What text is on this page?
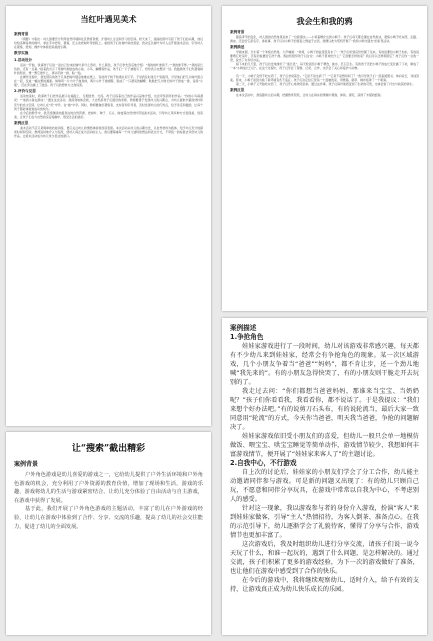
当红叶遇见美术
案例背景

《纲要》中指出：幼儿园要充分利用自然环境和社区教育资源，扩展幼儿生活和学习的空间。秋天来了，美丽的落叶引起了孩子们的兴趣，他们捡拾各种各样的树叶，拿在手中把玩、观察，还主动把树叶带到班上。看到孩子们对树叶如此喜爱，我决定以树叶为切入点开展美术活动，引导幼儿在观察、感知、操作中体验创造美的乐趣。

教学实施
1.活动设计

活动一开始，我请孩子们说一说自己捡来的树叶是什么形状、什么颜色，孩子们争先恐后地介绍：“我的树叶像扇子。”“我的像手掌。”“我的是红色的，还有一点黄。”接着我出示了用树叶拼贴成的小鱼、小鸟、蝴蝶等作品，孩子们一下子被吸引了，纷纷表示也想试一试。我鼓励孩子们先观察树叶的形状，想一想它像什么，再动手拼一拼、贴一贴。

在操作过程中，我发现有的孩子只是把树叶随意地堆在纸上，有的孩子则不知道从何下手。于是我及时进行个别指导，引导他们把几片树叶组合在一起，变成一幅完整的画面。琪琪用一片大叶子做身体，两片小叶子做翅膀，贴成了一只漂亮的蝴蝶；航航把几片细长的叶子排成一排，说是“小船”，还在旁边画上了波浪。孩子们的想象力让我惊喜。

2.评价与反思

活动结束时，我请孩子们把作品展示在墙面上，互相欣赏、交流。孩子们指着自己的作品兴奋地介绍，也会夸奖同伴的作品：“你的小鸟真漂亮！”“他的小鱼在游泳！”通过这次活动，我深刻地体会到，大自然是孩子们最好的老师，教师要善于发现幼儿的兴趣点，为幼儿提供丰富的材料和充分的自主空间，让幼儿在“玩”中学、在“做”中学。同时，教师要做好观察者、支持者和引导者，及时发现幼儿的闪光点，给予肯定和鼓励，让每个孩子都能体验到成功的快乐。

在今后的教学中，我还将继续挖掘身边的自然资源，把树叶、种子、石头、树枝等自然材料带进美术活动，引导幼儿用多种方式表现美、创造美，让孩子们在与自然的亲密接触中，感受生活的美好。

案例反思

美术活动不应只是简单的技能训练，更应关注幼儿的情感体验和创造表现。本次活动从幼儿的兴趣出发，以自然材料为载体，给予幼儿充分的探索时间和空间，教师适时地介入与指导，使幼儿真正成为活动的主人。我们要尊重每一个幼儿独特的想法和表达方式，不用统一的标准去评价幼儿的作品，让美术活动成为幼儿快乐表达的窗口。

我会生和我的鸦
案例背景

随着季节的变化，幼儿园的自然角里迎来了一位新朋友——小鸡蛋孵化出的小鸭子。孩子们每天都会围在自然角边，观察小鸭子吃东西、走路、游泳，还会给它起名字、讲故事。孩子们对小鸭子的喜爱之情溢于言表，我便以此为契机开展了“我和小鸭交朋友”的系列活动。

案例描述

早晨来园，乐乐第一个冲到自然角，大声喊道：“老师，小鸭子的盆里没有水了！”孩子们听到后纷纷围了过来。有的说要给小鸭子加水，有的说要喂它吃菜叶，还有的说要给它洗个澡。我趁机组织孩子们讨论：小鸭子喜欢吃什么？它需要怎样的家？我们可以怎样照顾它？孩子们你一言我一语，说出了许多好办法。

接下来的几天里，孩子们自发地排好了“值日表”，每天轮流给小鸭子喂食、换水、打扫卫生。有的孩子还把小鸭子的成长变化画了下来，制成了一本“小鸭成长日记”。在这个过程中，孩子们学会了观察、记录、合作，也学会了关心和爱护小动物。

有一天，小鸭子突然不吃东西了，孩子们非常着急。“它是不是生病了？”“它是不是想妈妈了？”我引导孩子们一起查阅图书、询问家长，寻找答案。原来，小鸭子是因为换了新环境有些不适应。孩子们决定给它营造一个温暖的家，用纸箱、稻草、棉布搭建了一个新窝。

第二天，小鸭子又开始吃东西了，孩子们开心地欢呼起来。通过这件事，孩子们真切地感受到了生命的可贵，也体会到了付出与收获的快乐。

案例反思

在本次活动中，我追随幼儿的兴趣，把握教育契机，让幼儿在真实的情境中观察、体验、探究，获得了丰富的经验。

案例描述
1.争抢角色

娃娃家游戏进行了一段时间，幼儿对该游戏非常感兴趣，每天都有不少幼儿来到娃娃家，经常会有争抢角色的现象。某一次区域游戏，几个小朋友争着当“爸爸”“妈妈”，都不肯让步，还一个劲儿地喊“我先来的”。有的小朋友急得快哭了，有的小朋友则干脆走开去玩别的了。

我走过去问：“你们都想当爸爸妈妈，那谁来当宝宝、当奶奶呢？”孩子们你看看我，我看看你，都不说话了。于是我提议：“我们来想个好办法吧。”有的说剪刀石头布，有的说轮流当，最后大家一致同意用“轮流”的方式，今天你当爸爸，明天我当爸爸，争抢的问题解决了。

娃娃家游戏依旧受小朋友们的喜爱，但幼儿一般只会单一地模仿做饭、喂宝宝、哄宝宝睡觉等简单动作，游戏情节较少，我想如何丰富游戏情节，便开展了“娃娃家来客人了”的主题讨论。

2.自我中心，不行游戏

自上次的讨论后，娃娃家的小朋友们学会了分工合作，幼儿能主动邀请同伴参与游戏。可是新的问题又出现了：有的幼儿只顾自己玩，不愿意和同伴分享玩具，在游戏中常常以自我为中心，不考虑别人的感受。

针对这一现象，我以游戏参与者的身份介入游戏，扮演“客人”来到娃娃家做客，引导“主人”热情招待，为客人倒茶、准备点心。在我的示范引导下，幼儿逐渐学会了礼貌待客，懂得了分享与合作，游戏情节也更加丰富了。

这次游戏后，我及时组织幼儿进行分享交流，请孩子们说一说今天玩了什么，和谁一起玩的，遇到了什么问题，是怎样解决的。通过交流，孩子们积累了更多的游戏经验，为下一次的游戏做好了准备，也让他们在游戏中感受到了合作的快乐。

在今后的游戏中，我将继续观察幼儿，适时介入，给予有效的支持，让游戏真正成为幼儿快乐成长的乐园。

让“搜索”截出精彩
案例背景

户外角色游戏是幼儿喜爱的游戏之一，它给幼儿提供了户外生活环境和户外角色游戏的机会，充分利用了户外资源的教育价值，增加了现场和生活，游戏的乐趣，游戏将幼儿的生活与游戏紧密结合，让幼儿充分体验了自由活动与自主游戏，在游戏中获得了发展。

基于此，我们开展了户外角色游戏的主题活动，丰富了幼儿在户外游戏的经验，让幼儿在游戏中体验到了合作、分享、交流的乐趣，提高了幼儿的社会交往能力，促进了幼儿的全面发展。
